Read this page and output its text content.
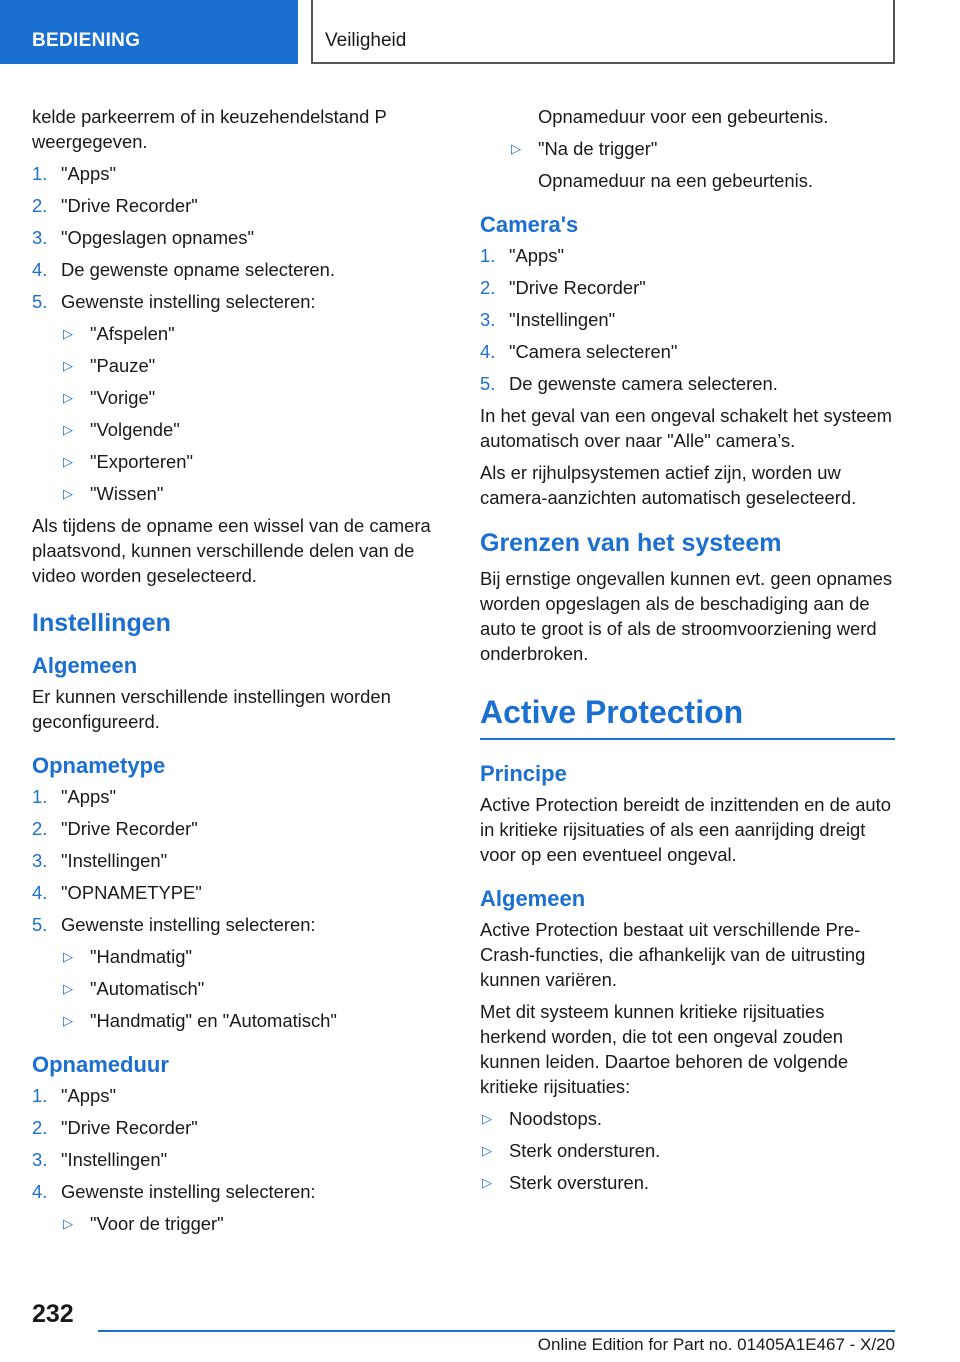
BEDIENING	Veiligheid

kelde parkeerrem of in keuzehendelstand P weergegeven.

1. "Apps"
2. "Drive Recorder"
3. "Opgeslagen opnames"
4. De gewenste opname selecteren.
5. Gewenste instelling selecteren:
▷ "Afspelen"
▷ "Pauze"
▷ "Vorige"
▷ "Volgende"
▷ "Exporteren"
▷ "Wissen"

Als tijdens de opname een wissel van de camera plaatsvond, kunnen verschillende delen van de video worden geselecteerd.

Instellingen
Algemeen

Er kunnen verschillende instellingen worden geconfigureerd.

Opnametype
1. "Apps"
2. "Drive Recorder"
3. "Instellingen"
4. "OPNAMETYPE"
5. Gewenste instelling selecteren:
▷ "Handmatig"
▷ "Automatisch"
▷ "Handmatig" en "Automatisch"
Opnameduur
1. "Apps"
2. "Drive Recorder"
3. "Instellingen"
4. Gewenste instelling selecteren:
▷ "Voor de trigger"

Opnameduur voor een gebeurtenis.

▷ "Na de trigger"

Opnameduur na een gebeurtenis.

Camera's
1. "Apps"
2. "Drive Recorder"
3. "Instellingen"
4. "Camera selecteren"
5. De gewenste camera selecteren.

In het geval van een ongeval schakelt het systeem automatisch over naar "Alle" camera’s.

Als er rijhulpsystemen actief zijn, worden uw camera-aanzichten automatisch geselecteerd.

Grenzen van het systeem

Bij ernstige ongevallen kunnen evt. geen opnames worden opgeslagen als de beschadiging aan de auto te groot is of als de stroomvoorziening werd onderbroken.

Active Protection
Principe

Active Protection bereidt de inzittenden en de auto in kritieke rijsituaties of als een aanrijding dreigt voor op een eventueel ongeval.

Algemeen

Active Protection bestaat uit verschillende Pre-Crash-functies, die afhankelijk van de uitrusting kunnen variëren.

Met dit systeem kunnen kritieke rijsituaties herkend worden, die tot een ongeval zouden kunnen leiden. Daartoe behoren de volgende kritieke rijsituaties:

▷ Noodstops.
▷ Sterk ondersturen.
▷ Sterk oversturen.
232
Online Edition for Part no. 01405A1E467 - X/20
